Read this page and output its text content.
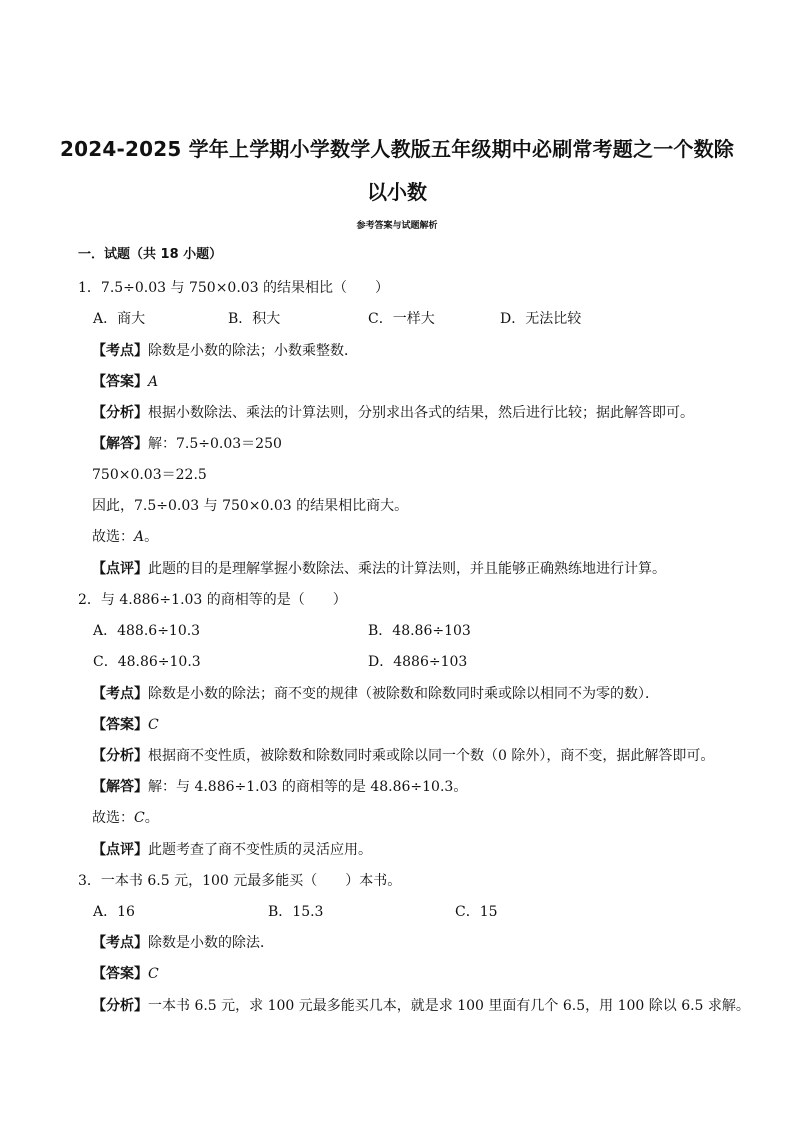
2024-2025 学年上学期小学数学人教版五年级期中必刷常考题之一个数除
以小数
参考答案与试题解析
一．试题（共 18 小题）
1．7.5÷0.03 与 750×0.03 的结果相比（　　）
A．商大	B．积大	C．一样大	D．无法比较
【考点】除数是小数的除法；小数乘整数．
【答案】A
【分析】根据小数除法、乘法的计算法则，分别求出各式的结果，然后进行比较；据此解答即可。
【解答】解：7.5÷0.03＝250
750×0.03＝22.5
因此，7.5÷0.03 与 750×0.03 的结果相比商大。
故选：A。
【点评】此题的目的是理解掌握小数除法、乘法的计算法则，并且能够正确熟练地进行计算。
2．与 4.886÷1.03 的商相等的是（　　）
A．488.6÷10.3	B．48.86÷103
C．48.86÷10.3	D．4886÷103
【考点】除数是小数的除法；商不变的规律（被除数和除数同时乘或除以相同不为零的数）．
【答案】C
【分析】根据商不变性质，被除数和除数同时乘或除以同一个数（0 除外），商不变，据此解答即可。
【解答】解：与 4.886÷1.03 的商相等的是 48.86÷10.3。
故选：C。
【点评】此题考查了商不变性质的灵活应用。
3．一本书 6.5 元，100 元最多能买（　　）本书。
A．16	B．15.3	C．15
【考点】除数是小数的除法．
【答案】C
【分析】一本书 6.5 元，求 100 元最多能买几本，就是求 100 里面有几个 6.5，用 100 除以 6.5 求解。
